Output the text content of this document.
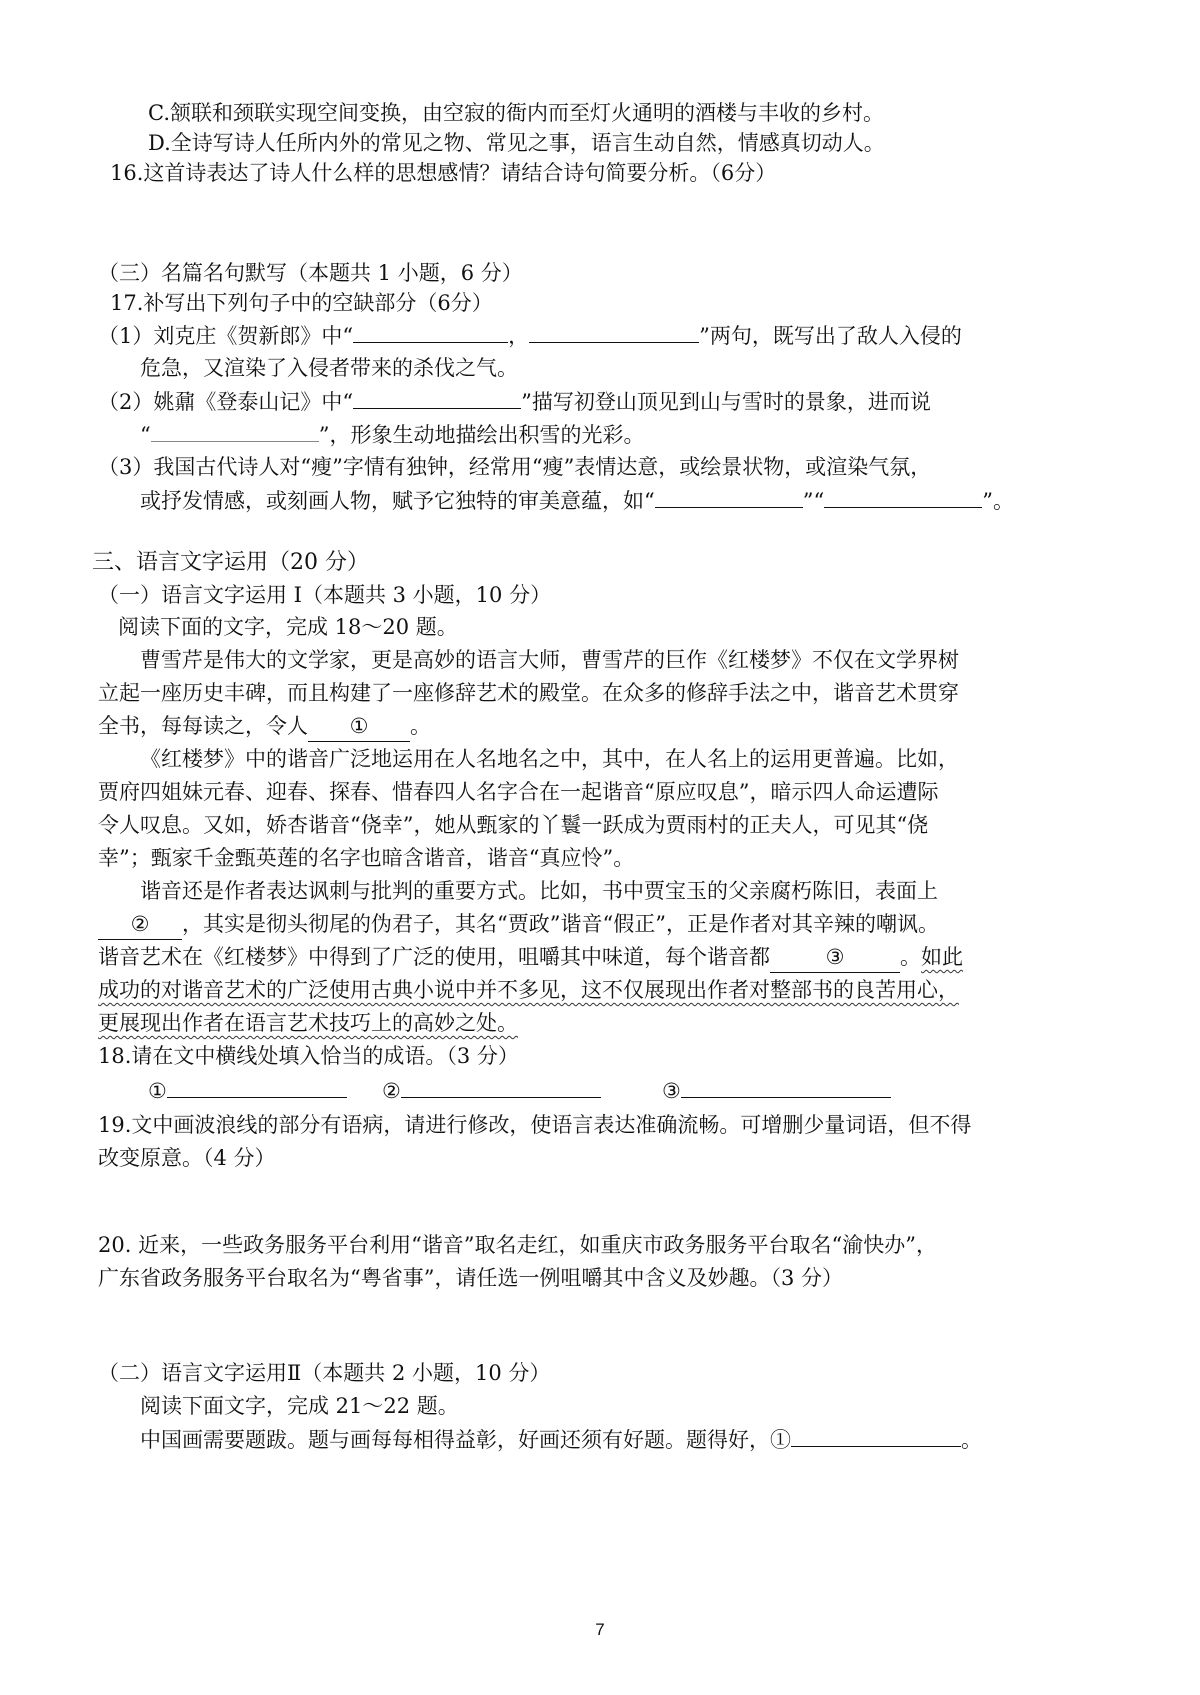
C.颔联和颈联实现空间变换，由空寂的衙内而至灯火通明的酒楼与丰收的乡村。
D.全诗写诗人任所内外的常见之物、常见之事，语言生动自然，情感真切动人。
16.这首诗表达了诗人什么样的思想感情？请结合诗句简要分析。（6分）
（三）名篇名句默写（本题共 1 小题，6 分）
17.补写出下列句子中的空缺部分（6分）
（1）刘克庄《贺新郎》中“	，	”两句，既写出了敌人入侵的
危急，又渲染了入侵者带来的杀伐之气。
（2）姚鼐《登泰山记》中“	”描写初登山顶见到山与雪时的景象，进而说
“	”，形象生动地描绘出积雪的光彩。
（3）我国古代诗人对“瘦”字情有独钟，经常用“瘦”表情达意，或绘景状物，或渲染气氛，
或抒发情感，或刻画人物，赋予它独特的审美意蕴，如“	”“	”。
三、语言文字运用（20 分）
（一）语言文字运用 Ⅰ（本题共 3 小题，10 分）
阅读下面的文字，完成 18～20 题。
曹雪芹是伟大的文学家，更是高妙的语言大师，曹雪芹的巨作《红楼梦》不仅在文学界树
立起一座历史丰碑，而且构建了一座修辞艺术的殿堂。在众多的修辞手法之中，谐音艺术贯穿
全书，每每读之，令人 ① 。
《红楼梦》中的谐音广泛地运用在人名地名之中，其中，在人名上的运用更普遍。比如，
贾府四姐妹元春、迎春、探春、惜春四人名字合在一起谐音“原应叹息”，暗示四人命运遭际
令人叹息。又如，娇杏谐音“侥幸”，她从甄家的丫鬟一跃成为贾雨村的正夫人，可见其“侥
幸”；甄家千金甄英莲的名字也暗含谐音，谐音“真应怜”。
谐音还是作者表达讽刺与批判的重要方式。比如，书中贾宝玉的父亲腐朽陈旧，表面上
② ，其实是彻头彻尾的伪君子，其名“贾政”谐音“假正”，正是作者对其辛辣的嘲讽。
谐音艺术在《红楼梦》中得到了广泛的使用，咀嚼其中味道，每个谐音都	③	。如此
成功的对谐音艺术的广泛使用古典小说中并不多见，这不仅展现出作者对整部书的良苦用心，
更展现出作者在语言艺术技巧上的高妙之处。
18.请在文中横线处填入恰当的成语。（3 分）
①	②	③
19.文中画波浪线的部分有语病，请进行修改，使语言表达准确流畅。可增删少量词语，但不得
改变原意。（4 分）
20. 近来，一些政务服务平台利用“谐音”取名走红，如重庆市政务服务平台取名“渝快办”，
广东省政务服务平台取名为“粤省事”，请任选一例咀嚼其中含义及妙趣。（3 分）
（二）语言文字运用Ⅱ（本题共 2 小题，10 分）
阅读下面文字，完成 21～22 题。
中国画需要题跋。题与画每每相得益彰，好画还须有好题。题得好，①	。
7
